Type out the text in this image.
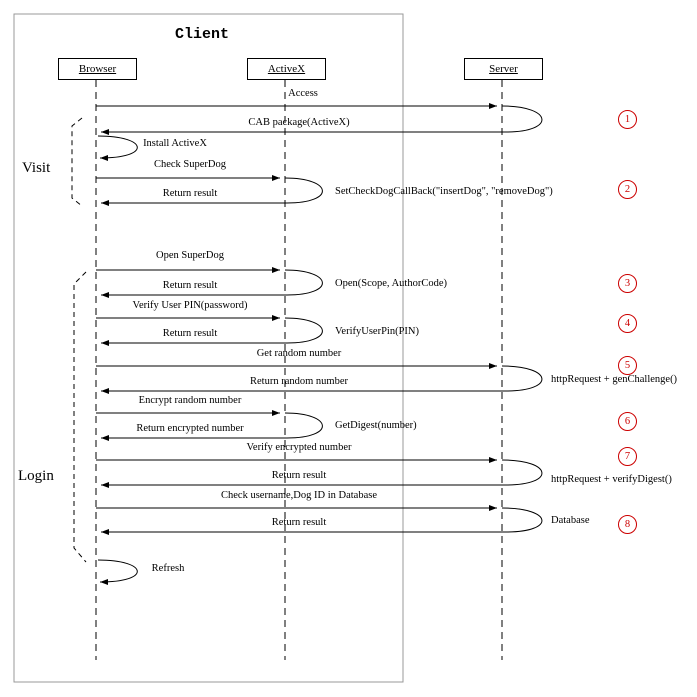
Browser	ActiveX	Server
Client
Visit
Login
Access
CAB package(ActiveX)
Install ActiveX
Check SuperDog
Return result
Open SuperDog
Return result
Verify User PIN(password)
Return result
Get random number
Return random number
Encrypt random number
Return encrypted number
Verify encrypted number
Return result
Check username,Dog ID in Database
Return result
Refresh
SetCheckDogCallBack("insertDog", "removeDog")
Open(Scope, AuthorCode)
VerifyUserPin(PIN)
httpRequest + genChallenge()
GetDigest(number)
httpRequest + verifyDigest()
Database
1
2
3
4
5
6
7
8
